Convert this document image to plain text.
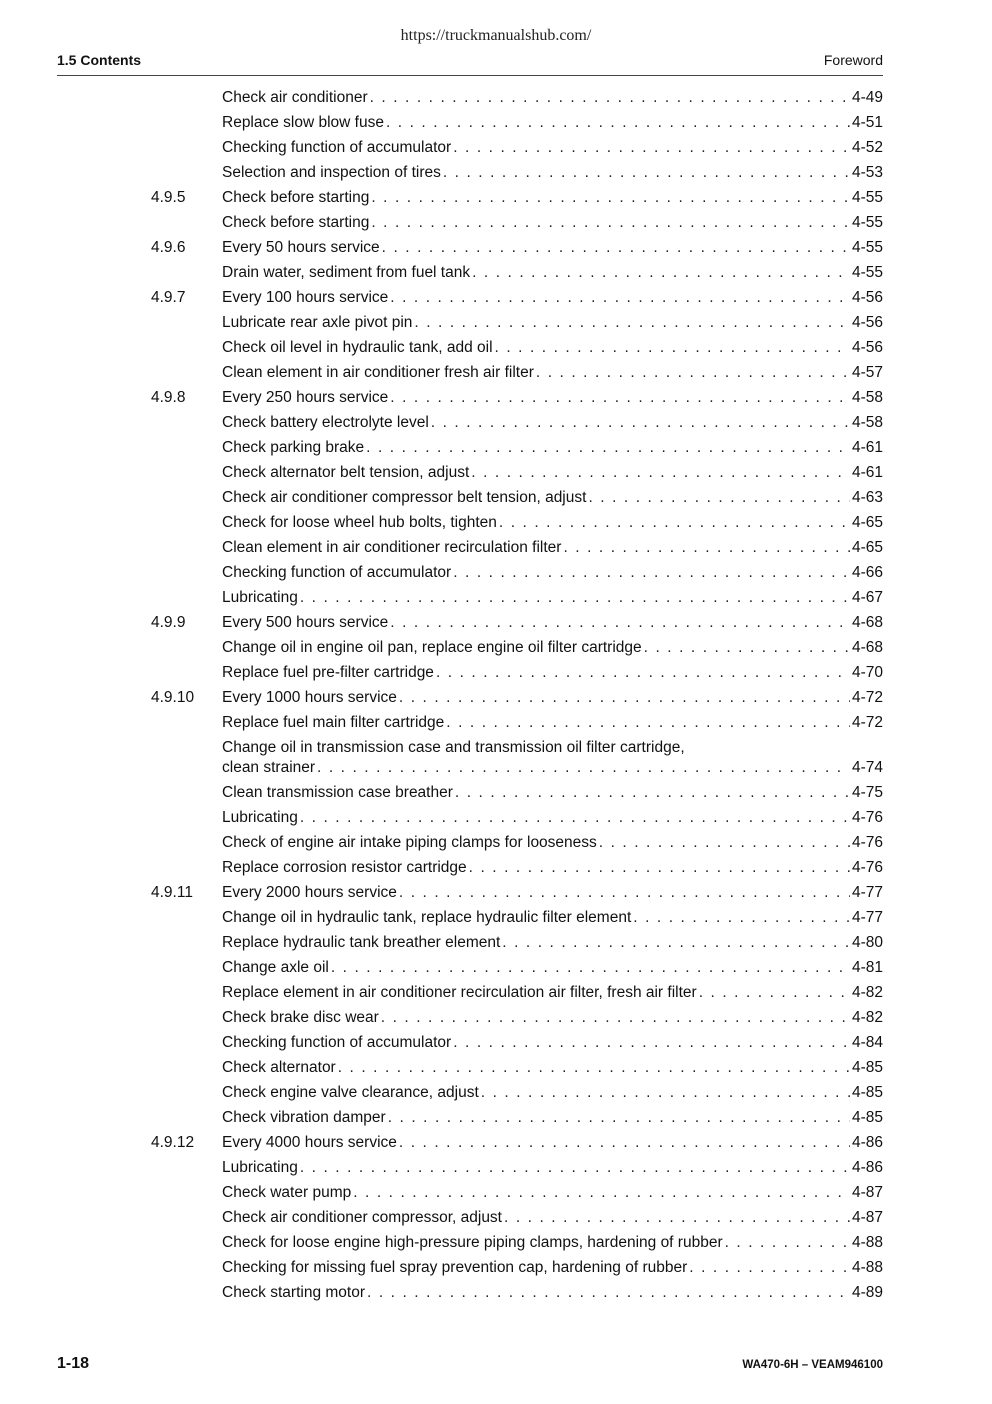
https://truckmanualshub.com/
1.5 Contents	Foreword
Check air conditioner . . .	4-49
Replace slow blow fuse . . .	4-51
Checking function of accumulator . . .	4-52
Selection and inspection of tires . . .	4-53
4.9.5	Check before starting . . .	4-55
Check before starting . . .	4-55
4.9.6	Every 50 hours service . . .	4-55
Drain water, sediment from fuel tank . . .	4-55
4.9.7	Every 100 hours service . . .	4-56
Lubricate rear axle pivot pin . . .	4-56
Check oil level in hydraulic tank, add oil . . .	4-56
Clean element in air conditioner fresh air filter . . .	4-57
4.9.8	Every 250 hours service . . .	4-58
Check battery electrolyte level . . .	4-58
Check parking brake . . .	4-61
Check alternator belt tension, adjust . . .	4-61
Check air conditioner compressor belt tension, adjust . . .	4-63
Check for loose wheel hub bolts, tighten . . .	4-65
Clean element in air conditioner recirculation filter . . .	4-65
Checking function of accumulator . . .	4-66
Lubricating . . .	4-67
4.9.9	Every 500 hours service . . .	4-68
Change oil in engine oil pan, replace engine oil filter cartridge . . .	4-68
Replace fuel pre-filter cartridge . . .	4-70
4.9.10	Every 1000 hours service . . .	4-72
Replace fuel main filter cartridge . . .	4-72
Change oil in transmission case and transmission oil filter cartridge,
clean strainer . . .	4-74
Clean transmission case breather . . .	4-75
Lubricating . . .	4-76
Check of engine air intake piping clamps for looseness . . .	4-76
Replace corrosion resistor cartridge . . .	4-76
4.9.11	Every 2000 hours service . . .	4-77
Change oil in hydraulic tank, replace hydraulic filter element . . .	4-77
Replace hydraulic tank breather element . . .	4-80
Change axle oil . . .	4-81
Replace element in air conditioner recirculation air filter, fresh air filter . . .	4-82
Check brake disc wear . . .	4-82
Checking function of accumulator . . .	4-84
Check alternator . . .	4-85
Check engine valve clearance, adjust . . .	4-85
Check vibration damper . . .	4-85
4.9.12	Every 4000 hours service . . .	4-86
Lubricating . . .	4-86
Check water pump . . .	4-87
Check air conditioner compressor, adjust . . .	4-87
Check for loose engine high-pressure piping clamps, hardening of rubber . . .	4-88
Checking for missing fuel spray prevention cap, hardening of rubber . . .	4-88
Check starting motor . . .	4-89
1-18	WA470-6H – VEAM946100
